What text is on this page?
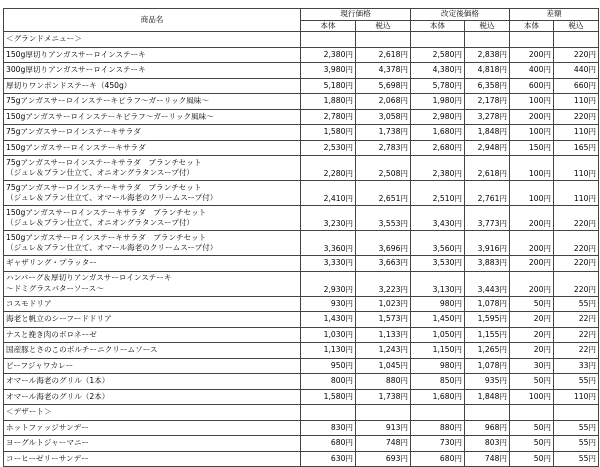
商品名	現行価格		改定後価格		差額	
	本体	税込	本体	税込	本体	税込

＜グランドメニュー＞						

150g厚切りアンガスサーロインステーキ	2,380円	2,618円	2,580円	2,838円	200円	220円

300g厚切りアンガスサーロインステーキ	3,980円	4,378円	4,380円	4,818円	400円	440円

厚切りワンポンドステーキ（450g）	5,180円	5,698円	5,780円	6,358円	600円	660円

75gアンガスサーロインステーキピラフ～ガーリック風味～	1,880円	2,068円	1,980円	2,178円	100円	110円

150gアンガスサーロインステーキピラフ～ガーリック風味～	2,780円	3,058円	2,980円	3,278円	200円	220円

75gアンガスサーロインステーキサラダ	1,580円	1,738円	1,680円	1,848円	100円	110円

150gアンガスサーロインステーキサラダ	2,530円	2,783円	2,680円	2,948円	150円	165円

75gアンガスサーロインステーキサラダ　ブランチセット
（ジュレ＆ブラン仕立て、オニオングラタンスープ付）	2,280円	2,508円	2,380円	2,618円	100円	110円

75gアンガスサーロインステーキサラダ　ブランチセット
（ジュレ＆ブラン仕立て、オマール海老のクリームスープ付）	2,410円	2,651円	2,510円	2,761円	100円	110円

150gアンガスサーロインステーキサラダ　ブランチセット
（ジュレ＆ブラン仕立て、オニオングラタンスープ付）	3,230円	3,553円	3,430円	3,773円	200円	220円

150gアンガスサーロインステーキサラダ　ブランチセット
（ジュレ＆ブラン仕立て、オマール海老のクリームスープ付）	3,360円	3,696円	3,560円	3,916円	200円	220円

ギャザリング・プラッター	3,330円	3,663円	3,530円	3,883円	200円	220円

ハンバーグ＆厚切りアンガスサーロインステーキ
～ドミグラスバターソース～	2,930円	3,223円	3,130円	3,443円	200円	220円

コスモドリア	930円	1,023円	980円	1,078円	50円	55円

海老と帆立のシーフードドリア	1,430円	1,573円	1,450円	1,595円	20円	22円

ナスと挽き肉のボロネーゼ	1,030円	1,133円	1,050円	1,155円	20円	22円

国産豚とさのこのポルチーニクリームソース	1,130円	1,243円	1,150円	1,265円	20円	22円

ビーフジャワカレー	950円	1,045円	980円	1,078円	30円	33円

オマール海老のグリル（1本）	800円	880円	850円	935円	50円	55円

オマール海老のグリル（2本）	1,580円	1,738円	1,680円	1,848円	100円	110円

＜デザート＞						

ホットファッジサンデー	830円	913円	880円	968円	50円	55円

ヨーグルトジャーマニー	680円	748円	730円	803円	50円	55円

コーヒーゼリーサンデー	630円	693円	680円	748円	50円	55円
